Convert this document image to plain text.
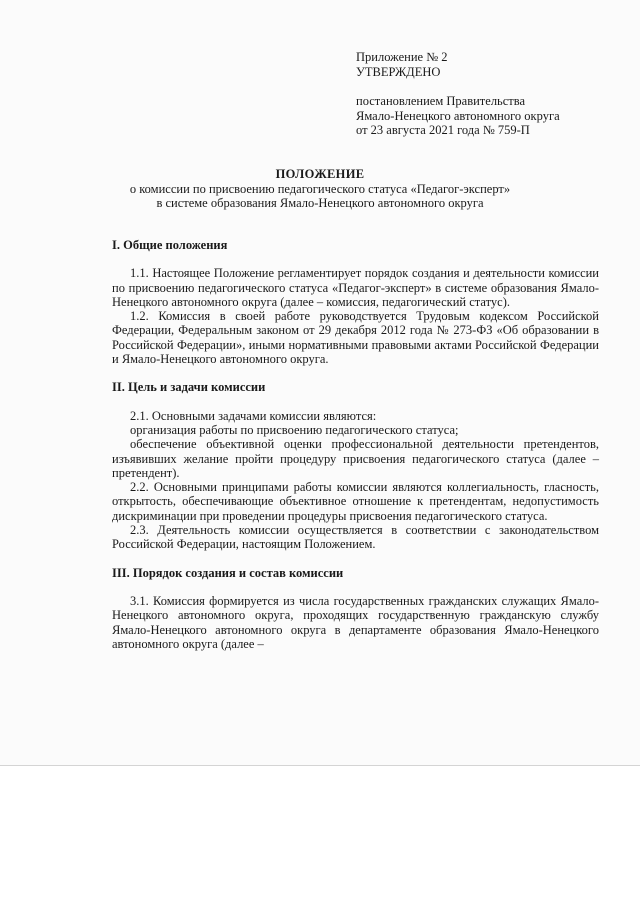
Приложение № 2
УТВЕРЖДЕНО
постановлением Правительства
Ямало-Ненецкого автономного округа
от 23 августа 2021 года № 759-П
ПОЛОЖЕНИЕ
о комиссии по присвоению педагогического статуса «Педагог-эксперт»
в системе образования Ямало-Ненецкого автономного округа

I. Общие положения

1.1. Настоящее Положение регламентирует порядок создания и деятельности комиссии по присвоению педагогического статуса «Педагог-эксперт» в системе образования Ямало-Ненецкого автономного округа (далее – комиссия, педагогический статус).

1.2. Комиссия в своей работе руководствуется Трудовым кодексом Российской Федерации, Федеральным законом от 29 декабря 2012 года № 273-ФЗ «Об образовании в Российской Федерации», иными нормативными правовыми актами Российской Федерации и Ямало-Ненецкого автономного округа.

II. Цель и задачи комиссии

2.1. Основными задачами комиссии являются:

организация работы по присвоению педагогического статуса;

обеспечение объективной оценки профессиональной деятельности претендентов, изъявивших желание пройти процедуру присвоения педагогического статуса (далее – претендент).

2.2. Основными принципами работы комиссии являются коллегиальность, гласность, открытость, обеспечивающие объективное отношение к претендентам, недопустимость дискриминации при проведении процедуры присвоения педагогического статуса.

2.3. Деятельность комиссии осуществляется в соответствии с законодательством Российской Федерации, настоящим Положением.

III. Порядок создания и состав комиссии

3.1. Комиссия формируется из числа государственных гражданских служащих Ямало-Ненецкого автономного округа, проходящих государственную гражданскую службу Ямало-Ненецкого автономного округа в департаменте образования Ямало-Ненецкого автономного округа (далее –
